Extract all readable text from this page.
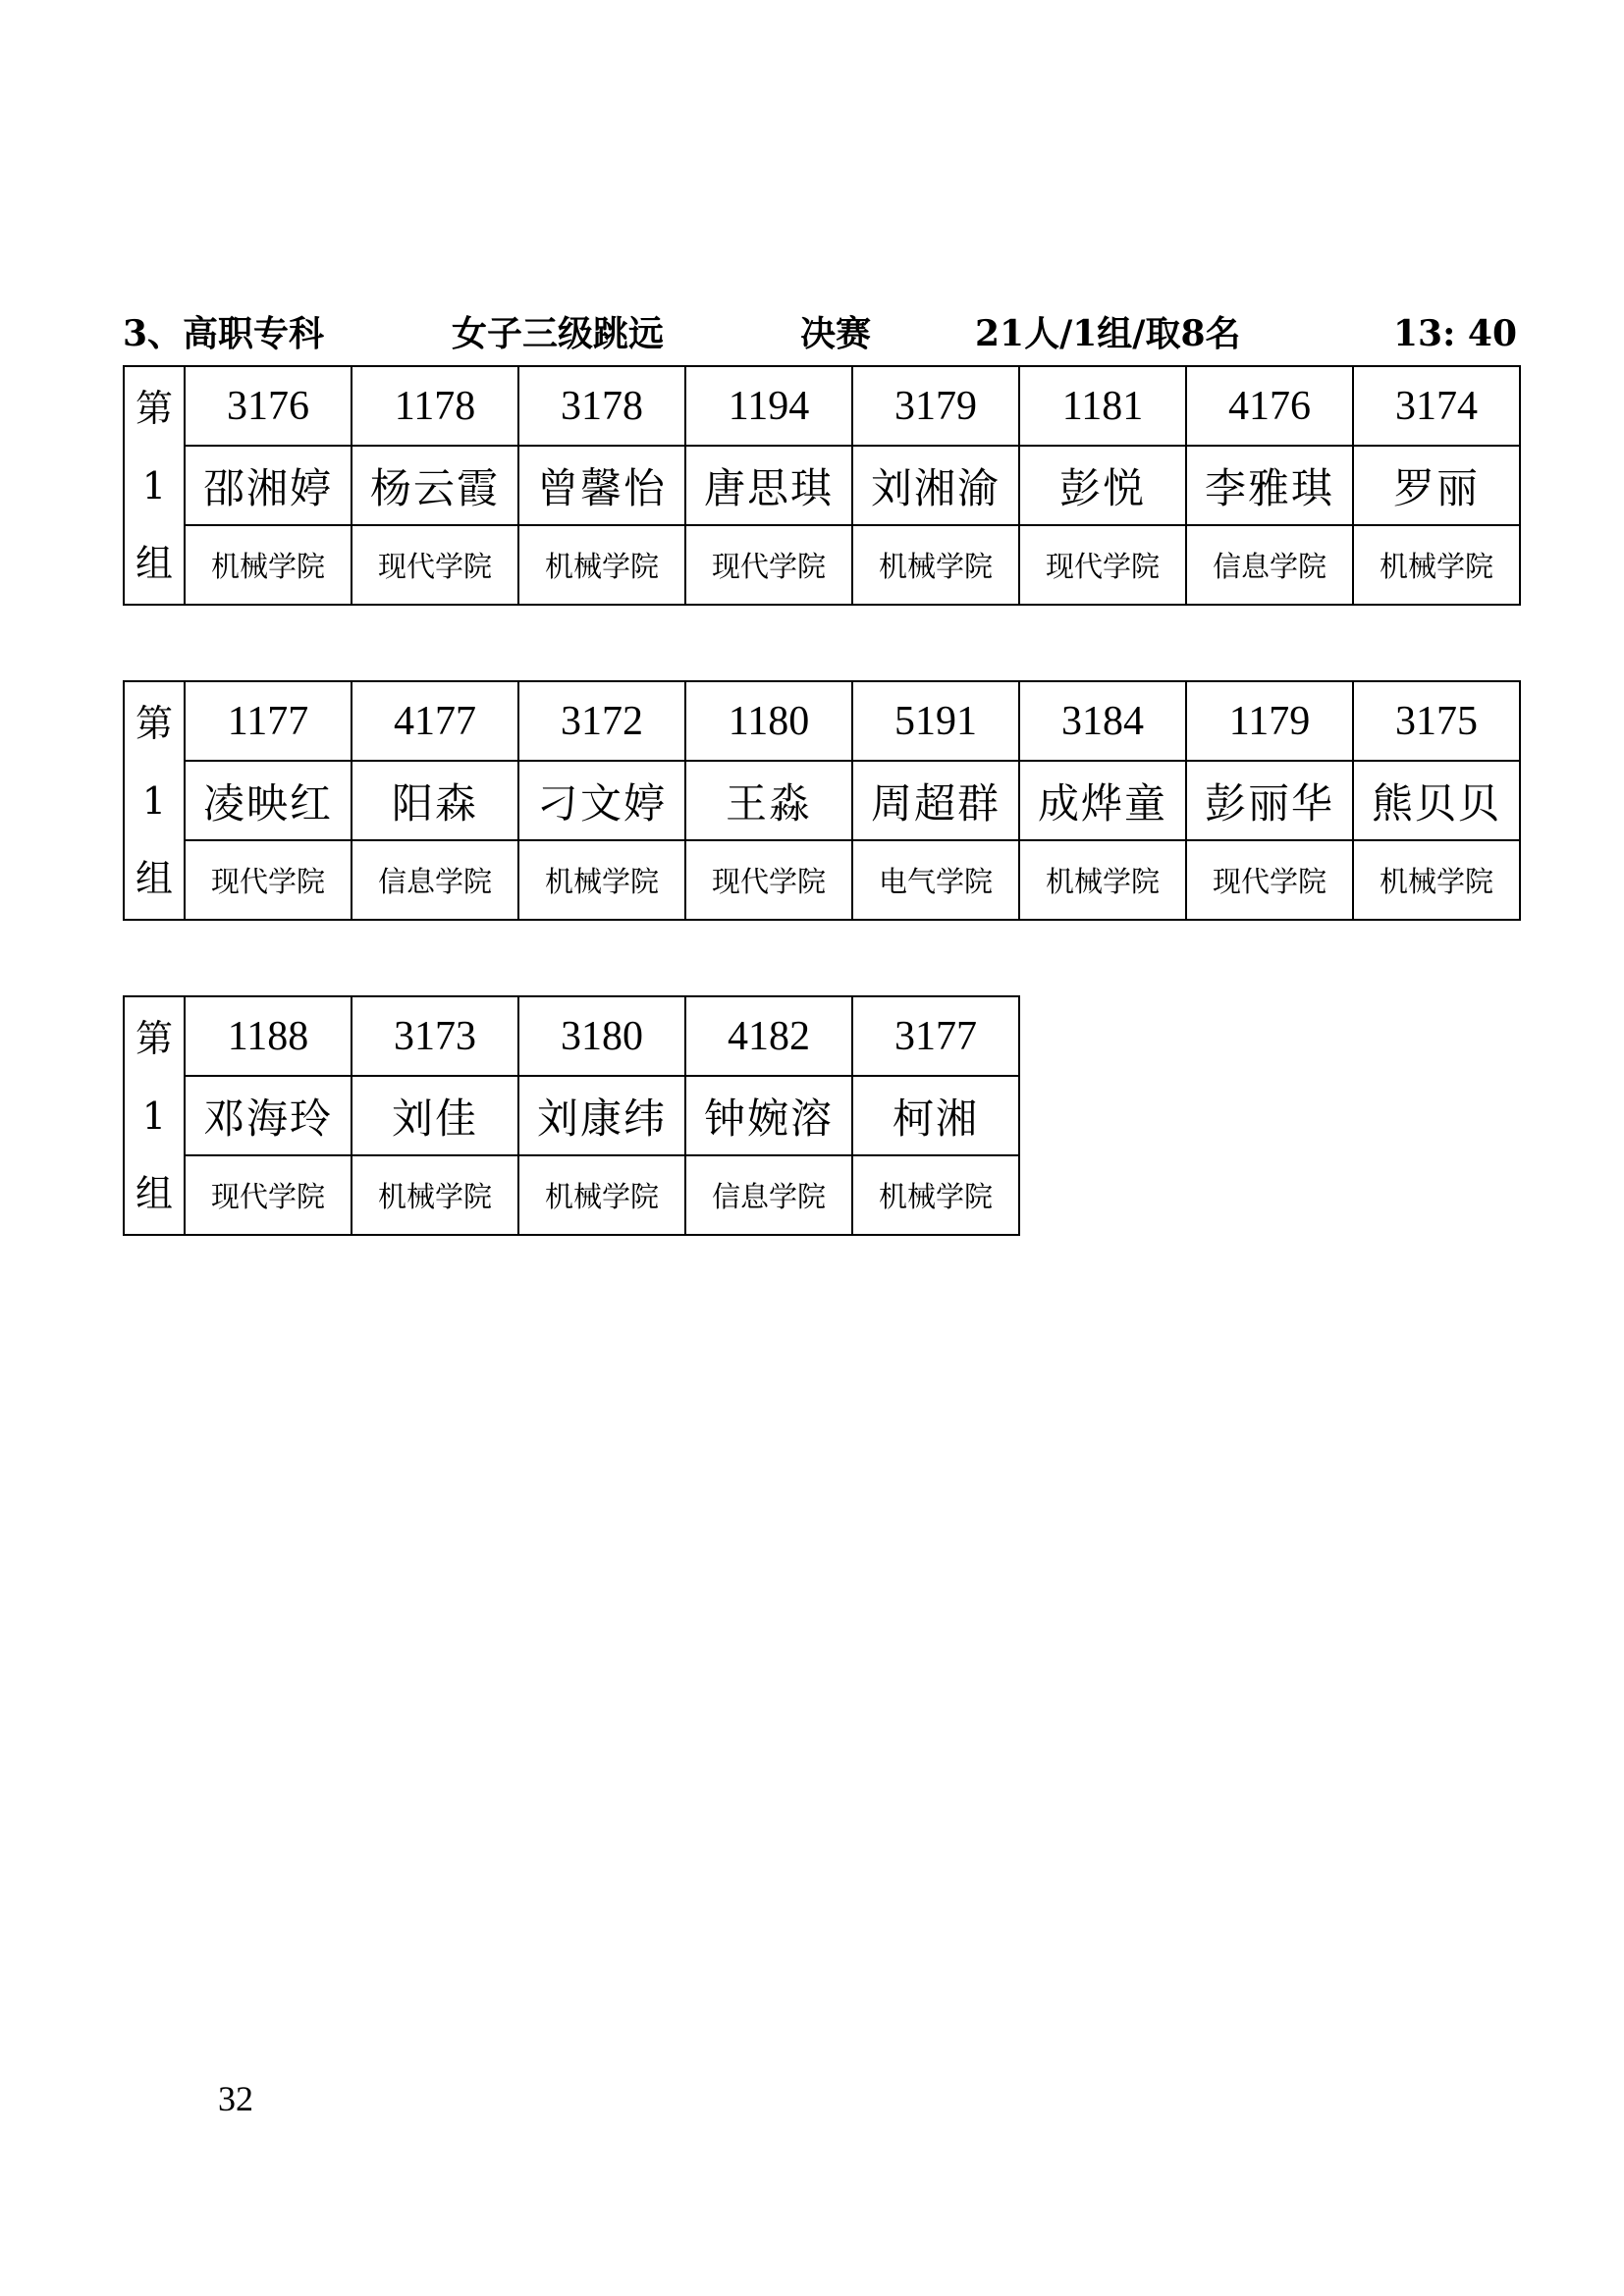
3、高职专科	女子三级跳远	决赛	21人/1组/取8名	13: 40
第
1
组	3176	1178	3178	1194	3179	1181	4176	3174
	邵湘婷	杨云霞	曾馨怡	唐思琪	刘湘渝	彭悦	李雅琪	罗丽
	机械学院	现代学院	机械学院	现代学院	机械学院	现代学院	信息学院	机械学院
第
1
组	1177	4177	3172	1180	5191	3184	1179	3175
	凌映红	阳森	刁文婷	王淼	周超群	成烨童	彭丽华	熊贝贝
	现代学院	信息学院	机械学院	现代学院	电气学院	机械学院	现代学院	机械学院
第
1
组	1188	3173	3180	4182	3177
	邓海玲	刘佳	刘康纬	钟婉溶	柯湘
	现代学院	机械学院	机械学院	信息学院	机械学院
32
